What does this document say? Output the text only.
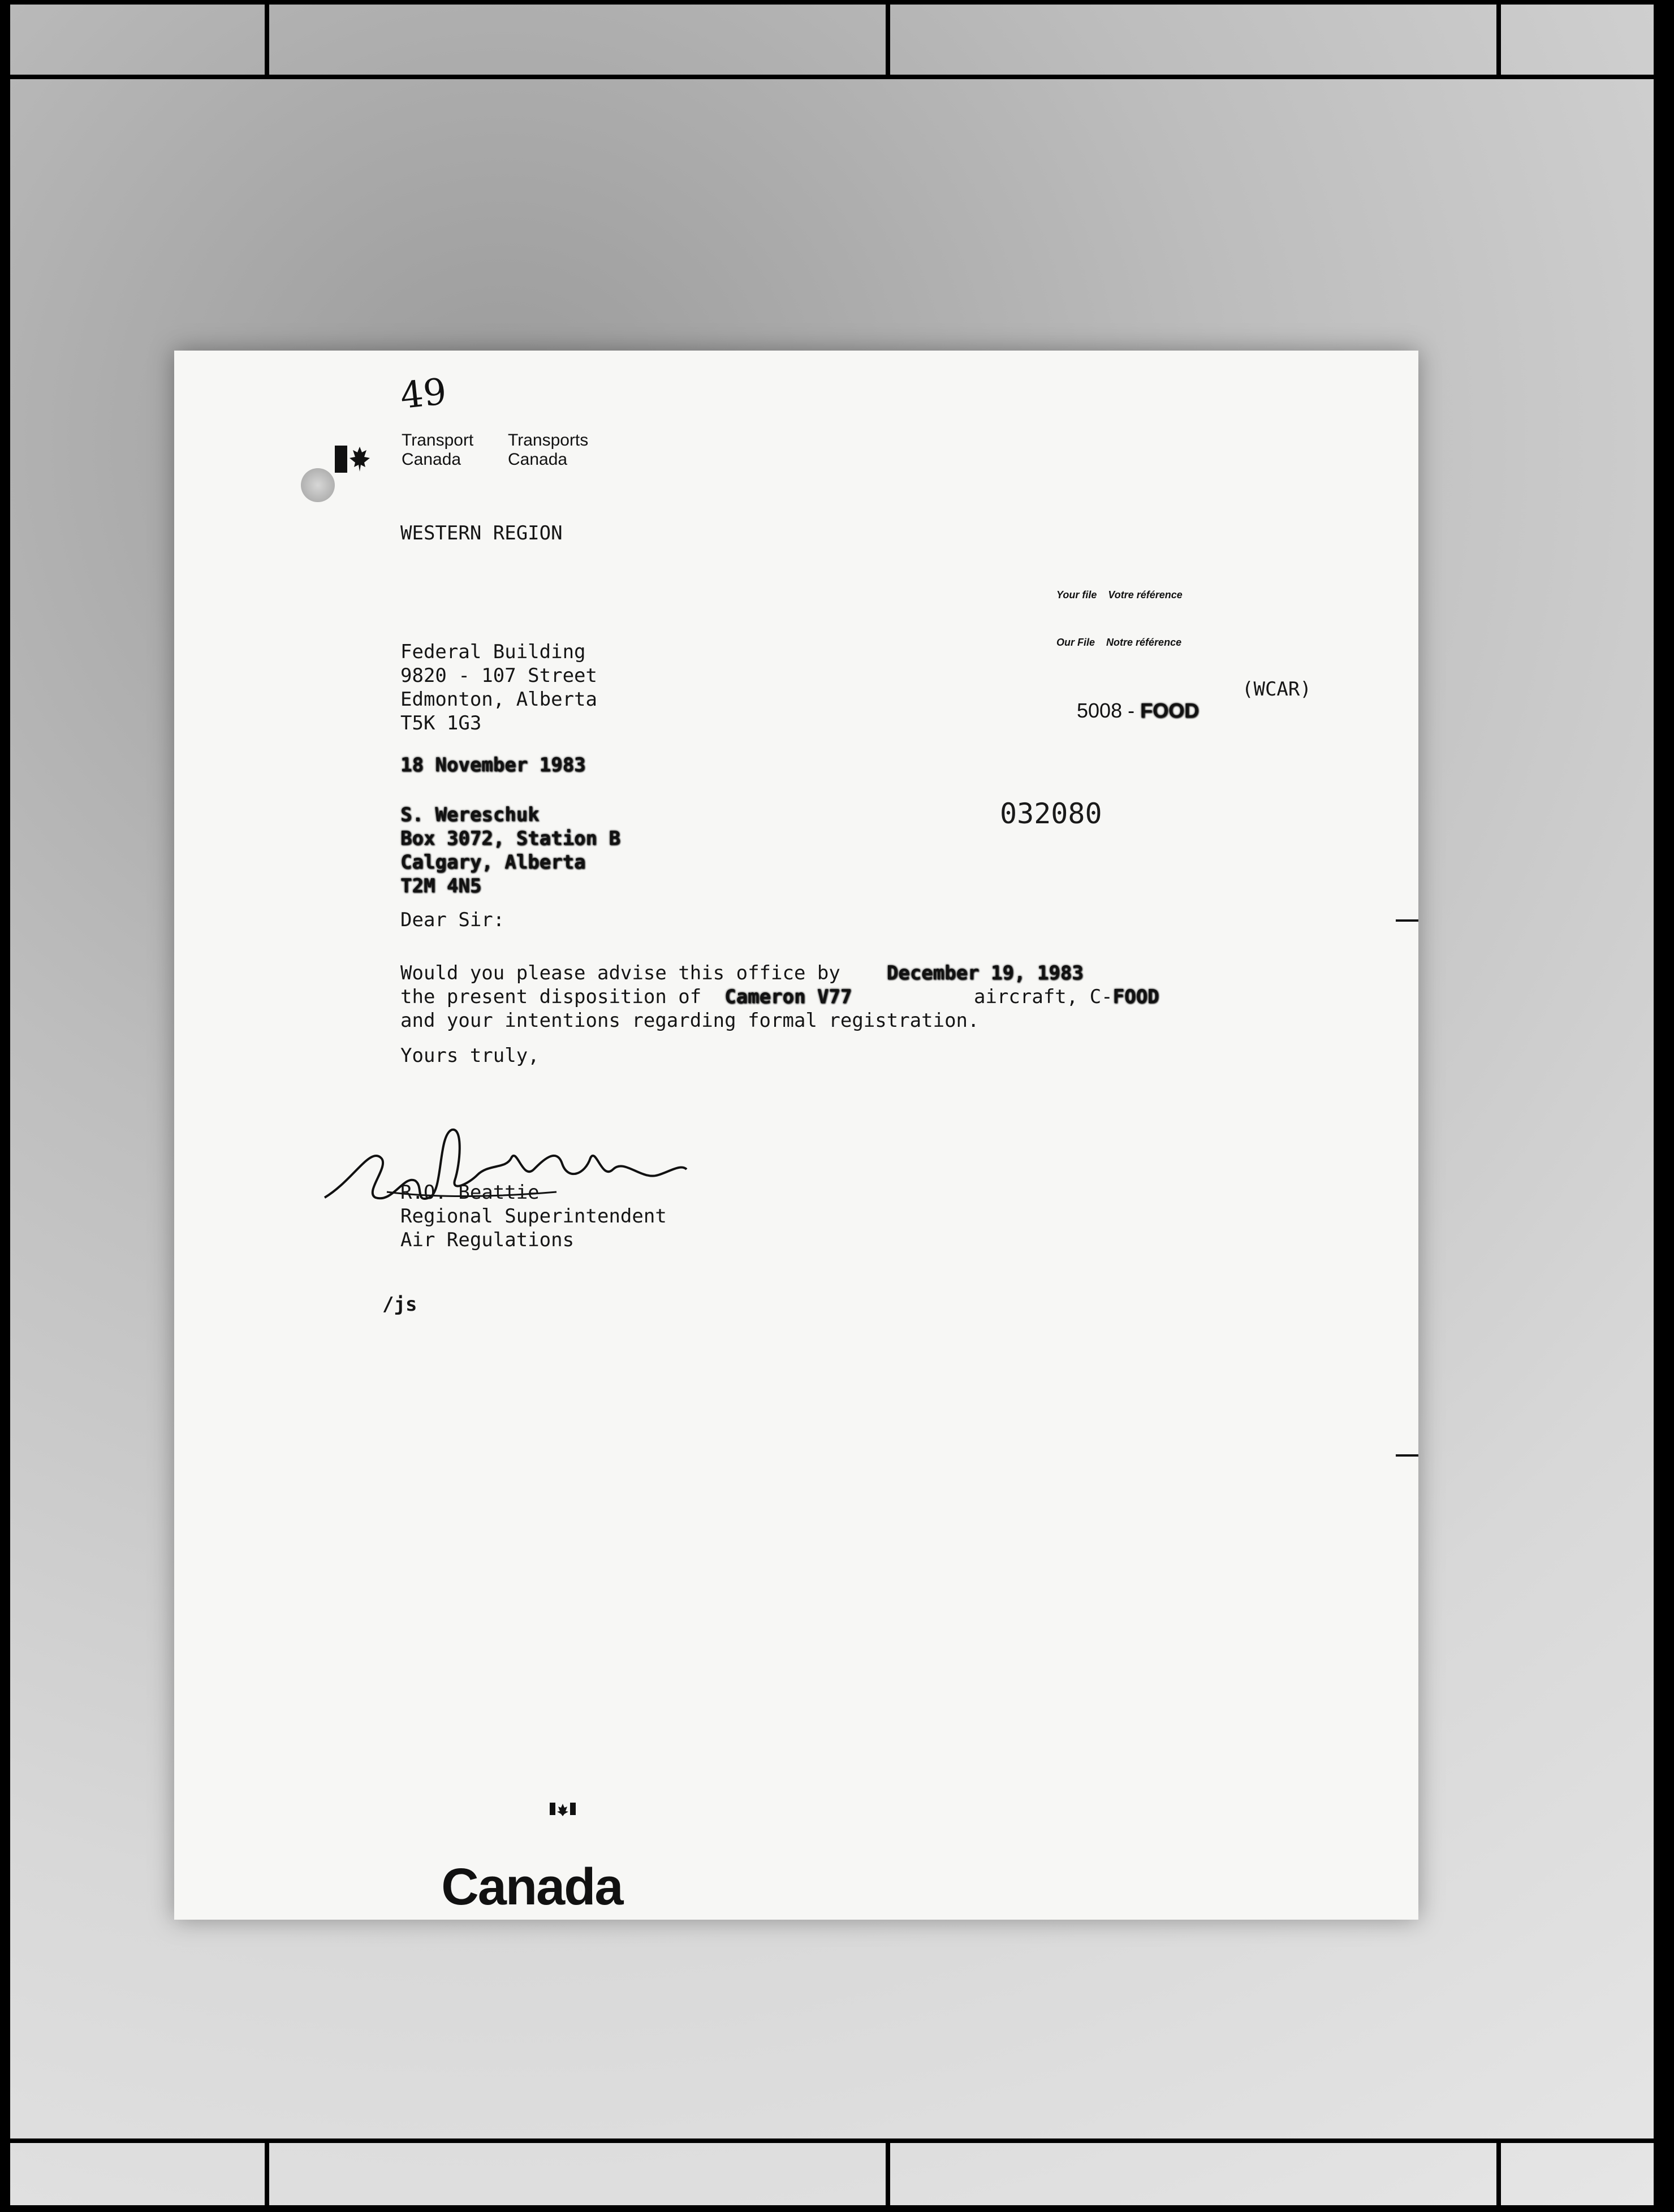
49

Transport
Canada
Transports
Canada
WESTERN REGION
Your file Votre référence
Our File Notre référence

5008 - FOOD

(WCAR)
Federal Building
9820 - 107 Street
Edmonton, Alberta
T5K 1G3
18 November 1983
032080
S. Wereschuk
Box 3072, Station B
Calgary, Alberta
T2M 4N5
Dear Sir:
Would you please advise this office by December 19, 1983
the present disposition of Cameron V77	aircraft, C-FOOD
and your intentions regarding formal registration.
Yours truly,

R.O. Beattie
Regional Superintendent
Air Regulations
/js

Canada
